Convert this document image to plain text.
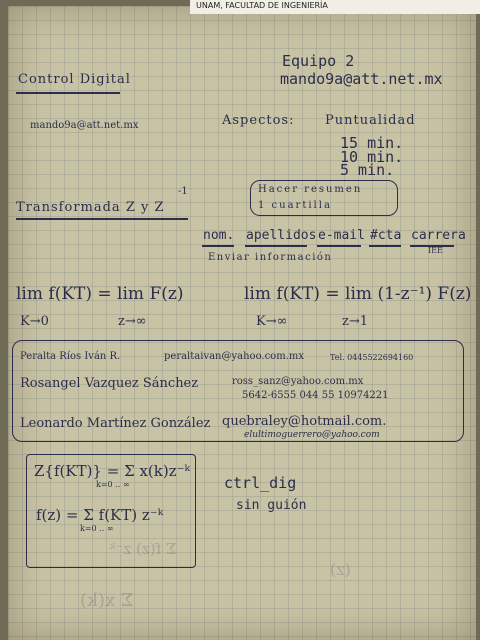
UNAM, FACULTAD DE INGENIERÍA
Equipo 2
mando9a@att.net.mx
Control Digital
mando9a@att.net.mx	Aspectos: Puntualidad
15 min.
10 min.
5 min.
Hacer resumen
1 cuartilla
Transformada Z y Z
-1
nom. apellidos e-mail #cta carrera
IEE
Enviar información
lim f(KT) = lim F(z)
K→0	z→∞
lim f(KT) = lim (1-z⁻¹) F(z)
K→∞	z→1
Peralta Ríos Iván R.	peraltaivan@yahoo.com.mx	Tel. 0445522694160
Rosangel Vazquez Sánchez	ross_sanz@yahoo.com.mx
5642-6555 044 55 10974221
Leonardo Martínez González quebraley@hotmail.com.
elultimoguerrero@yahoo.com
Z{f(KT)} = Σ x(k)z⁻ᵏ
k=0 .. ∞
f(z) = Σ f(KT) z⁻ᵏ
k=0 .. ∞
ctrl_dig
sin guión
Σ f(z) z⁻ᵏ
Σ x(k)
(z)
